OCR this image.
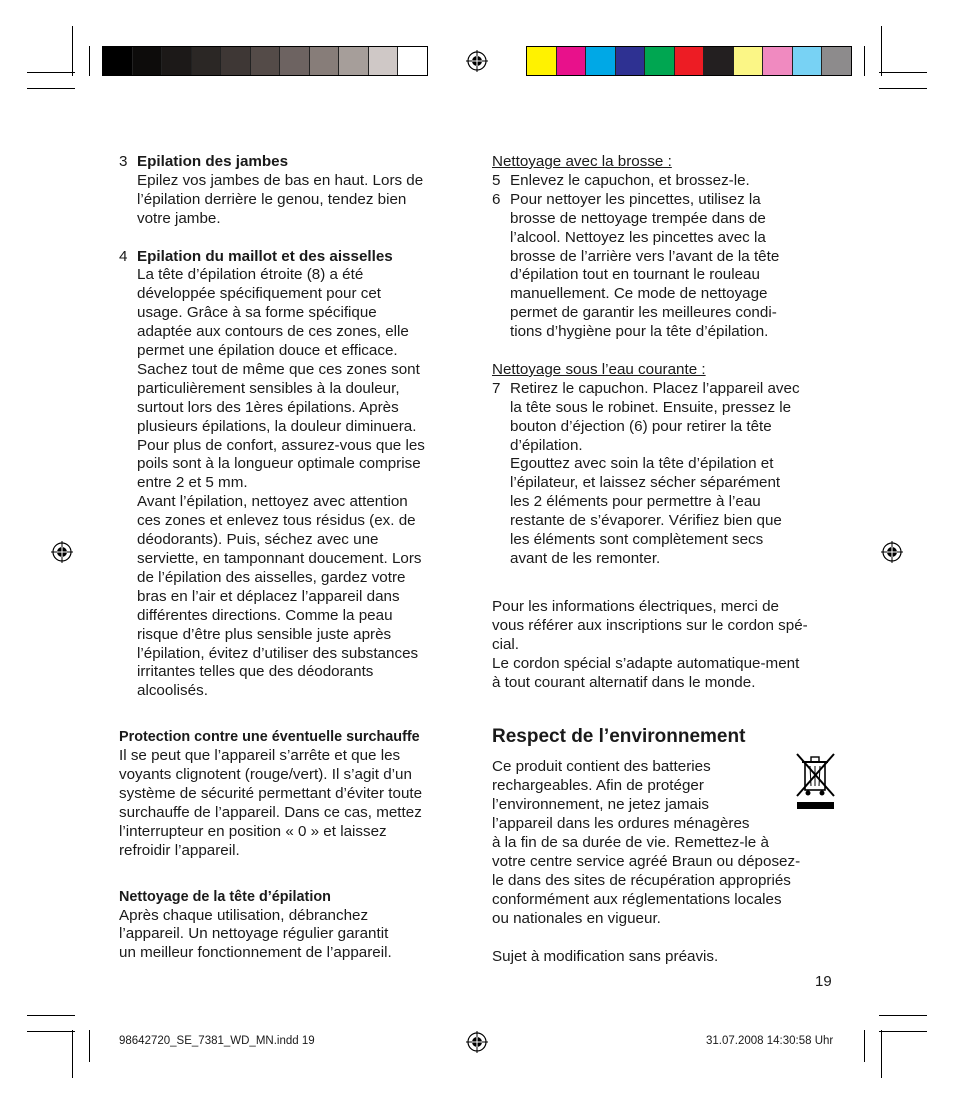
3 Epilation des jambes

Epilez vos jambes de bas en haut. Lors de
l’épilation derrière le genou, tendez bien
votre jambe.

4 Epilation du maillot et des aisselles

La tête d’épilation étroite (8) a été
développée spécifiquement pour cet
usage. Grâce à sa forme spécifique
adaptée aux contours de ces zones, elle
permet une épilation douce et efficace.
Sachez tout de même que ces zones sont
particulièrement sensibles à la douleur,
surtout lors des 1ères épilations. Après
plusieurs épilations, la douleur diminuera.
Pour plus de confort, assurez-vous que les
poils sont à la longueur optimale comprise
entre 2 et 5 mm.
Avant l’épilation, nettoyez avec attention
ces zones et enlevez tous résidus (ex. de
déodorants). Puis, séchez avec une
serviette, en tamponnant doucement. Lors
de l’épilation des aisselles, gardez votre
bras en l’air et déplacez l’appareil dans
différentes directions. Comme la peau
risque d’être plus sensible juste après
l’épilation, évitez d’utiliser des substances
irritantes telles que des déodorants
alcoolisés.

Protection contre une éventuelle surchauffe

Il se peut que l’appareil s’arrête et que les
voyants clignotent (rouge/vert). Il s’agit d’un
système de sécurité permettant d’éviter toute
surchauffe de l’appareil. Dans ce cas, mettez
l’interrupteur en position « 0 » et laissez
refroidir l’appareil.

Nettoyage de la tête d’épilation

Après chaque utilisation, débranchez
l’appareil. Un nettoyage régulier garantit
un meilleur fonctionnement de l’appareil.

Nettoyage avec la brosse :

5 Enlevez le capuchon, et brossez-le.

6 Pour nettoyer les pincettes, utilisez la
brosse de nettoyage trempée dans de
l’alcool. Nettoyez les pincettes avec la
brosse de l’arrière vers l’avant de la tête
d’épilation tout en tournant le rouleau
manuellement. Ce mode de nettoyage
permet de garantir les meilleures condi-
tions d’hygiène pour la tête d’épilation.

Nettoyage sous l’eau courante :

7 Retirez le capuchon. Placez l’appareil avec
la tête sous le robinet. Ensuite, pressez le
bouton d’éjection (6) pour retirer la tête
d’épilation.
Egouttez avec soin la tête d’épilation et
l’épilateur, et laissez sécher séparément
les 2 éléments pour permettre à l’eau
restante de s’évaporer. Vérifiez bien que
les éléments sont complètement secs
avant de les remonter.

Pour les informations électriques, merci de
vous référer aux inscriptions sur le cordon spé-
cial.
Le cordon spécial s’adapte automatique-ment
à tout courant alternatif dans le monde.

Respect de l’environnement

Ce produit contient des batteries
rechargeables. Afin de protéger
l’environnement, ne jetez jamais
l’appareil dans les ordures ménagères

à la fin de sa durée de vie. Remettez-le à
votre centre service agréé Braun ou déposez-
le dans des sites de récupération appropriés
conformément aux réglementations locales
ou nationales en vigueur.

Sujet à modification sans préavis.

19
98642720_SE_7381_WD_MN.indd 19	31.07.2008 14:30:58 Uhr
